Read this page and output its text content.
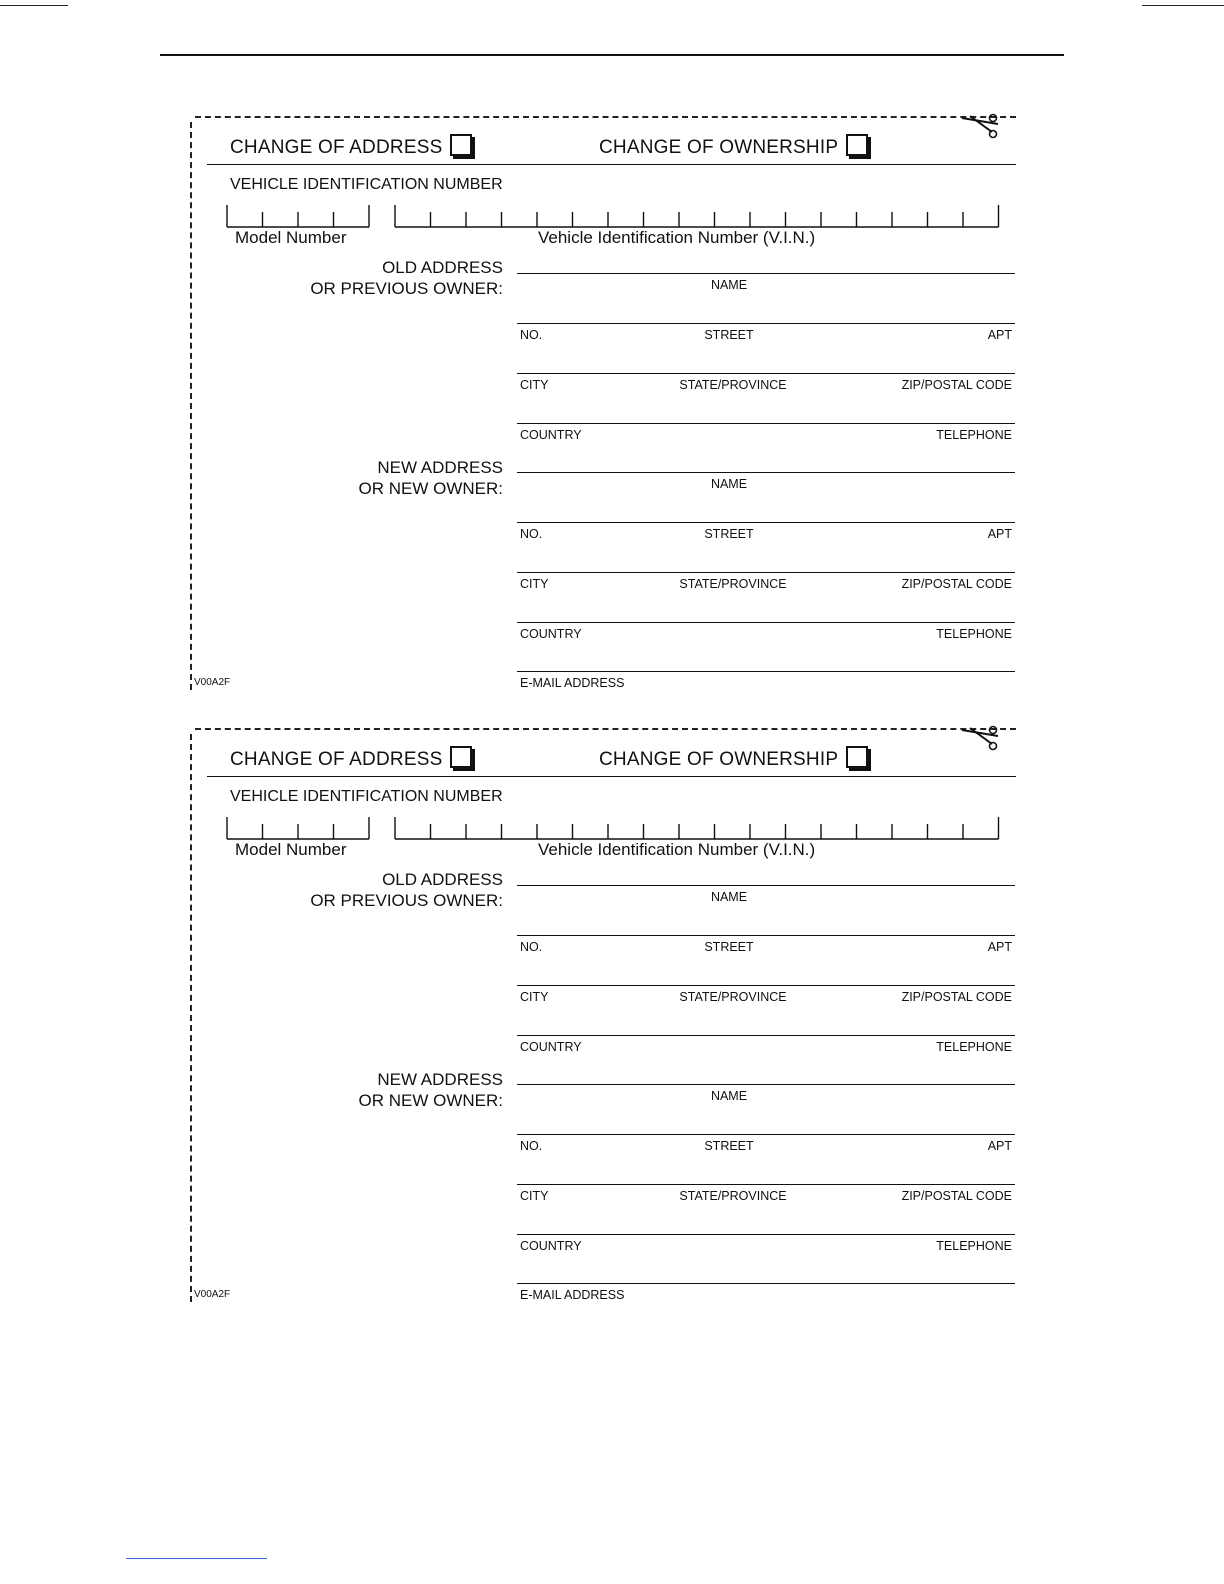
CHANGE OF ADDRESS	CHANGE OF OWNERSHIP
VEHICLE IDENTIFICATION NUMBER
Model Number	Vehicle Identification Number (V.I.N.)
OLD ADDRESS
OR PREVIOUS OWNER:
NEW ADDRESS
OR NEW OWNER:
NAME
NO.	STREET	APT
CITY	STATE/PROVINCE	ZIP/POSTAL CODE
COUNTRY	TELEPHONE
NAME
NO.	STREET	APT
CITY	STATE/PROVINCE	ZIP/POSTAL CODE
COUNTRY	TELEPHONE
E-MAIL ADDRESS
V00A2F
CHANGE OF ADDRESS	CHANGE OF OWNERSHIP
VEHICLE IDENTIFICATION NUMBER
Model Number	Vehicle Identification Number (V.I.N.)
OLD ADDRESS
OR PREVIOUS OWNER:
NEW ADDRESS
OR NEW OWNER:
NAME
NO.	STREET	APT
CITY	STATE/PROVINCE	ZIP/POSTAL CODE
COUNTRY	TELEPHONE
NAME
NO.	STREET	APT
CITY	STATE/PROVINCE	ZIP/POSTAL CODE
COUNTRY	TELEPHONE
E-MAIL ADDRESS
V00A2F
